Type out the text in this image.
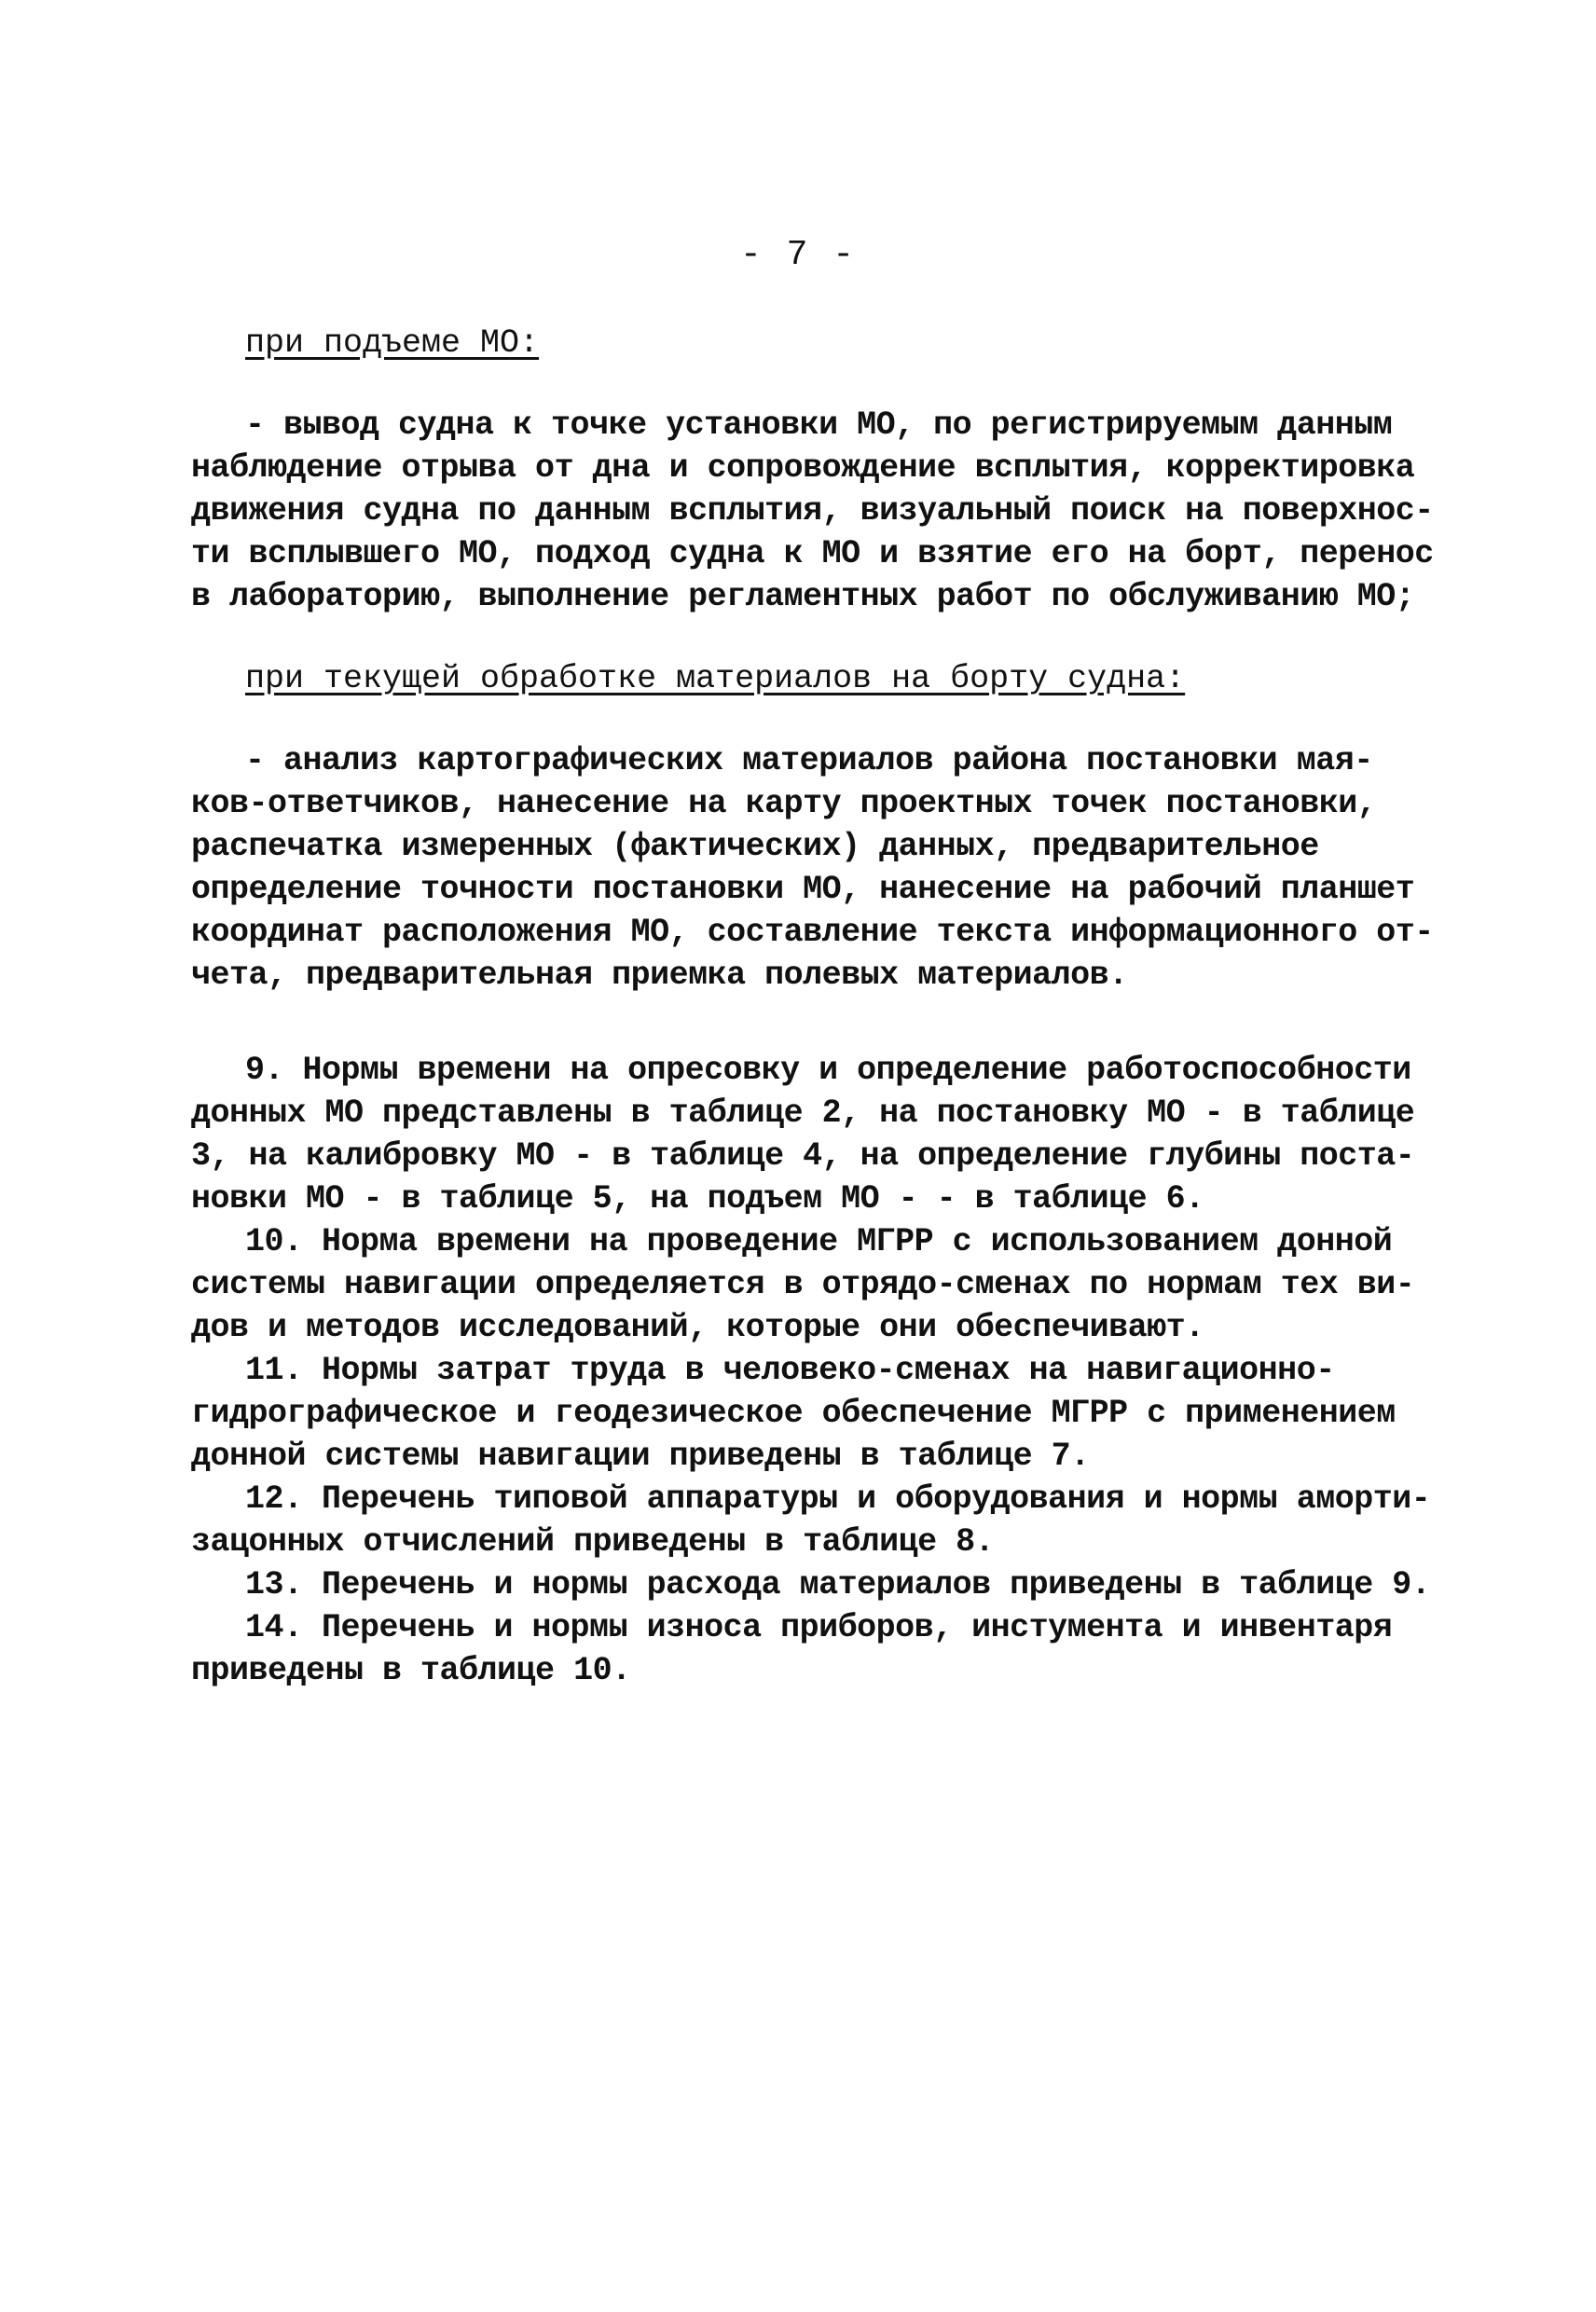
- 7 -

при подъеме МО:

- вывод судна к точке установки МО, по регистрируемым данным
наблюдение отрыва от дна и сопровождение всплытия, корректировка
движения судна по данным всплытия, визуальный поиск на поверхнос-
ти всплывшего МО, подход судна к МО и взятие его на борт, перенос
в лабораторию, выполнение регламентных работ по обслуживанию МО;

при текущей обработке материалов на борту судна:

- анализ картографических материалов района постановки мая-
ков-ответчиков, нанесение на карту проектных точек постановки,
распечатка измеренных (фактических) данных, предварительное
определение точности постановки МО, нанесение на рабочий планшет
координат расположения МО, составление текста информационного от-
чета, предварительная приемка полевых материалов.
9. Нормы времени на опресовку и определение работоспособности
донных МО представлены в таблице 2, на постановку МО - в таблице
3, на калибровку МО - в таблице 4, на определение глубины поста-
новки МО - в таблице 5, на подъем МО - - в таблице 6.
10. Норма времени на проведение МГРР с использованием донной
системы навигации определяется в отрядо-сменах по нормам тех ви-
дов и методов исследований, которые они обеспечивают.
11. Нормы затрат труда в человеко-сменах на навигационно-
гидрографическое и геодезическое обеспечение МГРР с применением
донной системы навигации приведены в таблице 7.
12. Перечень типовой аппаратуры и оборудования и нормы аморти-
зацонных отчислений приведены в таблице 8.
13. Перечень и нормы расхода материалов приведены в таблице 9.
14. Перечень и нормы износа приборов, инстумента и инвентаря
приведены в таблице 10.
